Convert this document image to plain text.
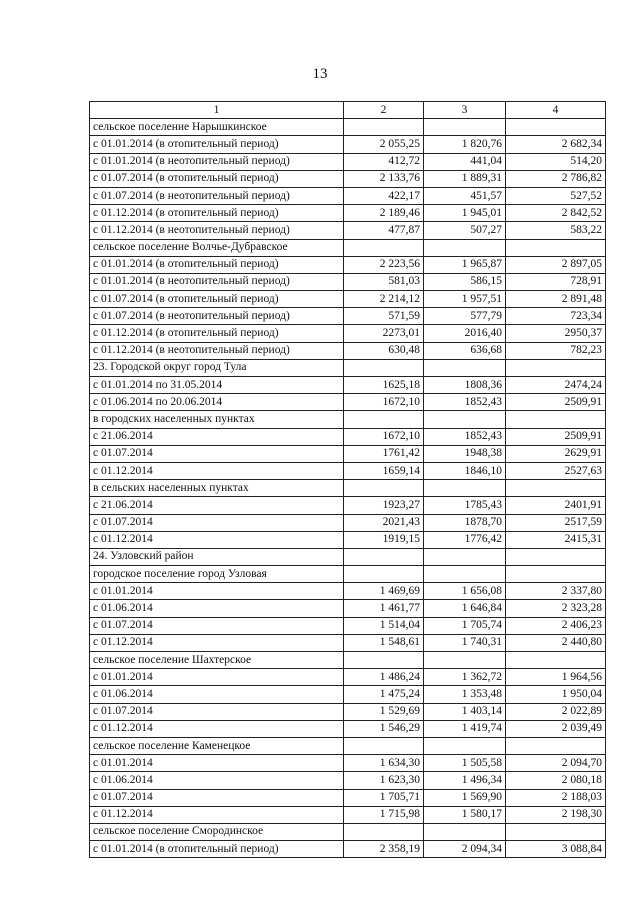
13
1	2	3	4
сельское поселение Нарышкинское			
с 01.01.2014 (в отопительный период)	2 055,25	1 820,76	2 682,34
с 01.01.2014 (в неотопительный период)	412,72	441,04	514,20
с 01.07.2014 (в отопительный период)	2 133,76	1 889,31	2 786,82
с 01.07.2014 (в неотопительный период)	422,17	451,57	527,52
с 01.12.2014 (в отопительный период)	2 189,46	1 945,01	2 842,52
с 01.12.2014 (в неотопительный период)	477,87	507,27	583,22
сельское поселение Волчье-Дубравское			
с 01.01.2014 (в отопительный период)	2 223,56	1 965,87	2 897,05
с 01.01.2014 (в неотопительный период)	581,03	586,15	728,91
с 01.07.2014 (в отопительный период)	2 214,12	1 957,51	2 891,48
с 01.07.2014 (в неотопительный период)	571,59	577,79	723,34
с 01.12.2014 (в отопительный период)	2273,01	2016,40	2950,37
с 01.12.2014 (в неотопительный период)	630,48	636,68	782,23
23. Городской округ город Тула			
с 01.01.2014 по 31.05.2014	1625,18	1808,36	2474,24
с 01.06.2014 по 20.06.2014	1672,10	1852,43	2509,91
в городских населенных пунктах			
с 21.06.2014	1672,10	1852,43	2509,91
с 01.07.2014	1761,42	1948,38	2629,91
с 01.12.2014	1659,14	1846,10	2527,63
в сельских населенных пунктах			
с 21.06.2014	1923,27	1785,43	2401,91
с 01.07.2014	2021,43	1878,70	2517,59
с 01.12.2014	1919,15	1776,42	2415,31
24. Узловский район			
городское поселение город Узловая			
с 01.01.2014	1 469,69	1 656,08	2 337,80
с 01.06.2014	1 461,77	1 646,84	2 323,28
с 01.07.2014	1 514,04	1 705,74	2 406,23
с 01.12.2014	1 548,61	1 740,31	2 440,80
сельское поселение Шахтерское			
с 01.01.2014	1 486,24	1 362,72	1 964,56
с 01.06.2014	1 475,24	1 353,48	1 950,04
с 01.07.2014	1 529,69	1 403,14	2 022,89
с 01.12.2014	1 546,29	1 419,74	2 039,49
сельское поселение Каменецкое			
с 01.01.2014	1 634,30	1 505,58	2 094,70
с 01.06.2014	1 623,30	1 496,34	2 080,18
с 01.07.2014	1 705,71	1 569,90	2 188,03
с 01.12.2014	1 715,98	1 580,17	2 198,30
сельское поселение Смородинское			
с 01.01.2014 (в отопительный период)	2 358,19	2 094,34	3 088,84
